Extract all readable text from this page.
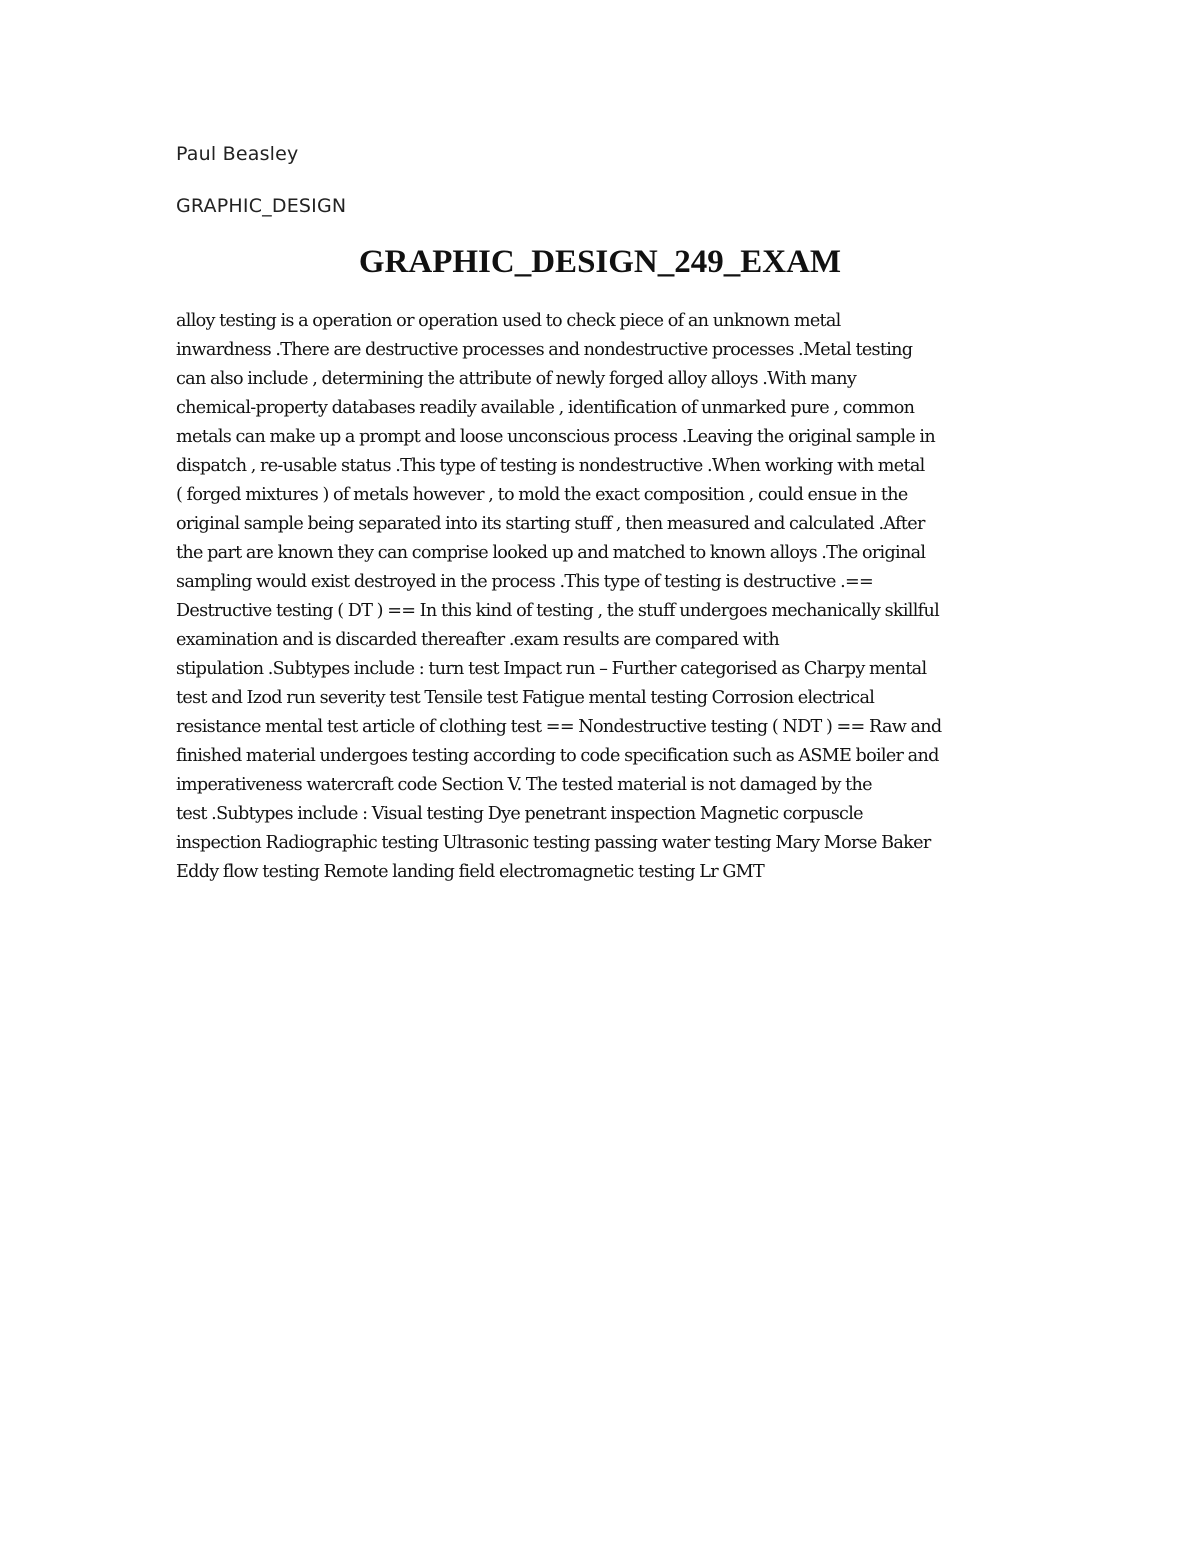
Paul Beasley
GRAPHIC_DESIGN
GRAPHIC_DESIGN_249_EXAM
alloy testing is a operation or operation used to check piece of an unknown metal
inwardness .There are destructive processes and nondestructive processes .Metal testing
can also include , determining the attribute of newly forged alloy alloys .With many
chemical-property databases readily available , identification of unmarked pure , common
metals can make up a prompt and loose unconscious process .Leaving the original sample in
dispatch , re-usable status .This type of testing is nondestructive .When working with metal
( forged mixtures ) of metals however , to mold the exact composition , could ensue in the
original sample being separated into its starting stuff , then measured and calculated .After
the part are known they can comprise looked up and matched to known alloys .The original
sampling would exist destroyed in the process .This type of testing is destructive .==
Destructive testing ( DT ) == In this kind of testing , the stuff undergoes mechanically skillful
examination and is discarded thereafter .exam results are compared with
stipulation .Subtypes include : turn test Impact run – Further categorised as Charpy mental
test and Izod run severity test Tensile test Fatigue mental testing Corrosion electrical
resistance mental test article of clothing test == Nondestructive testing ( NDT ) == Raw and
finished material undergoes testing according to code specification such as ASME boiler and
imperativeness watercraft code Section V. The tested material is not damaged by the
test .Subtypes include : Visual testing Dye penetrant inspection Magnetic corpuscle
inspection Radiographic testing Ultrasonic testing passing water testing Mary Morse Baker
Eddy flow testing Remote landing field electromagnetic testing Lr GMT
